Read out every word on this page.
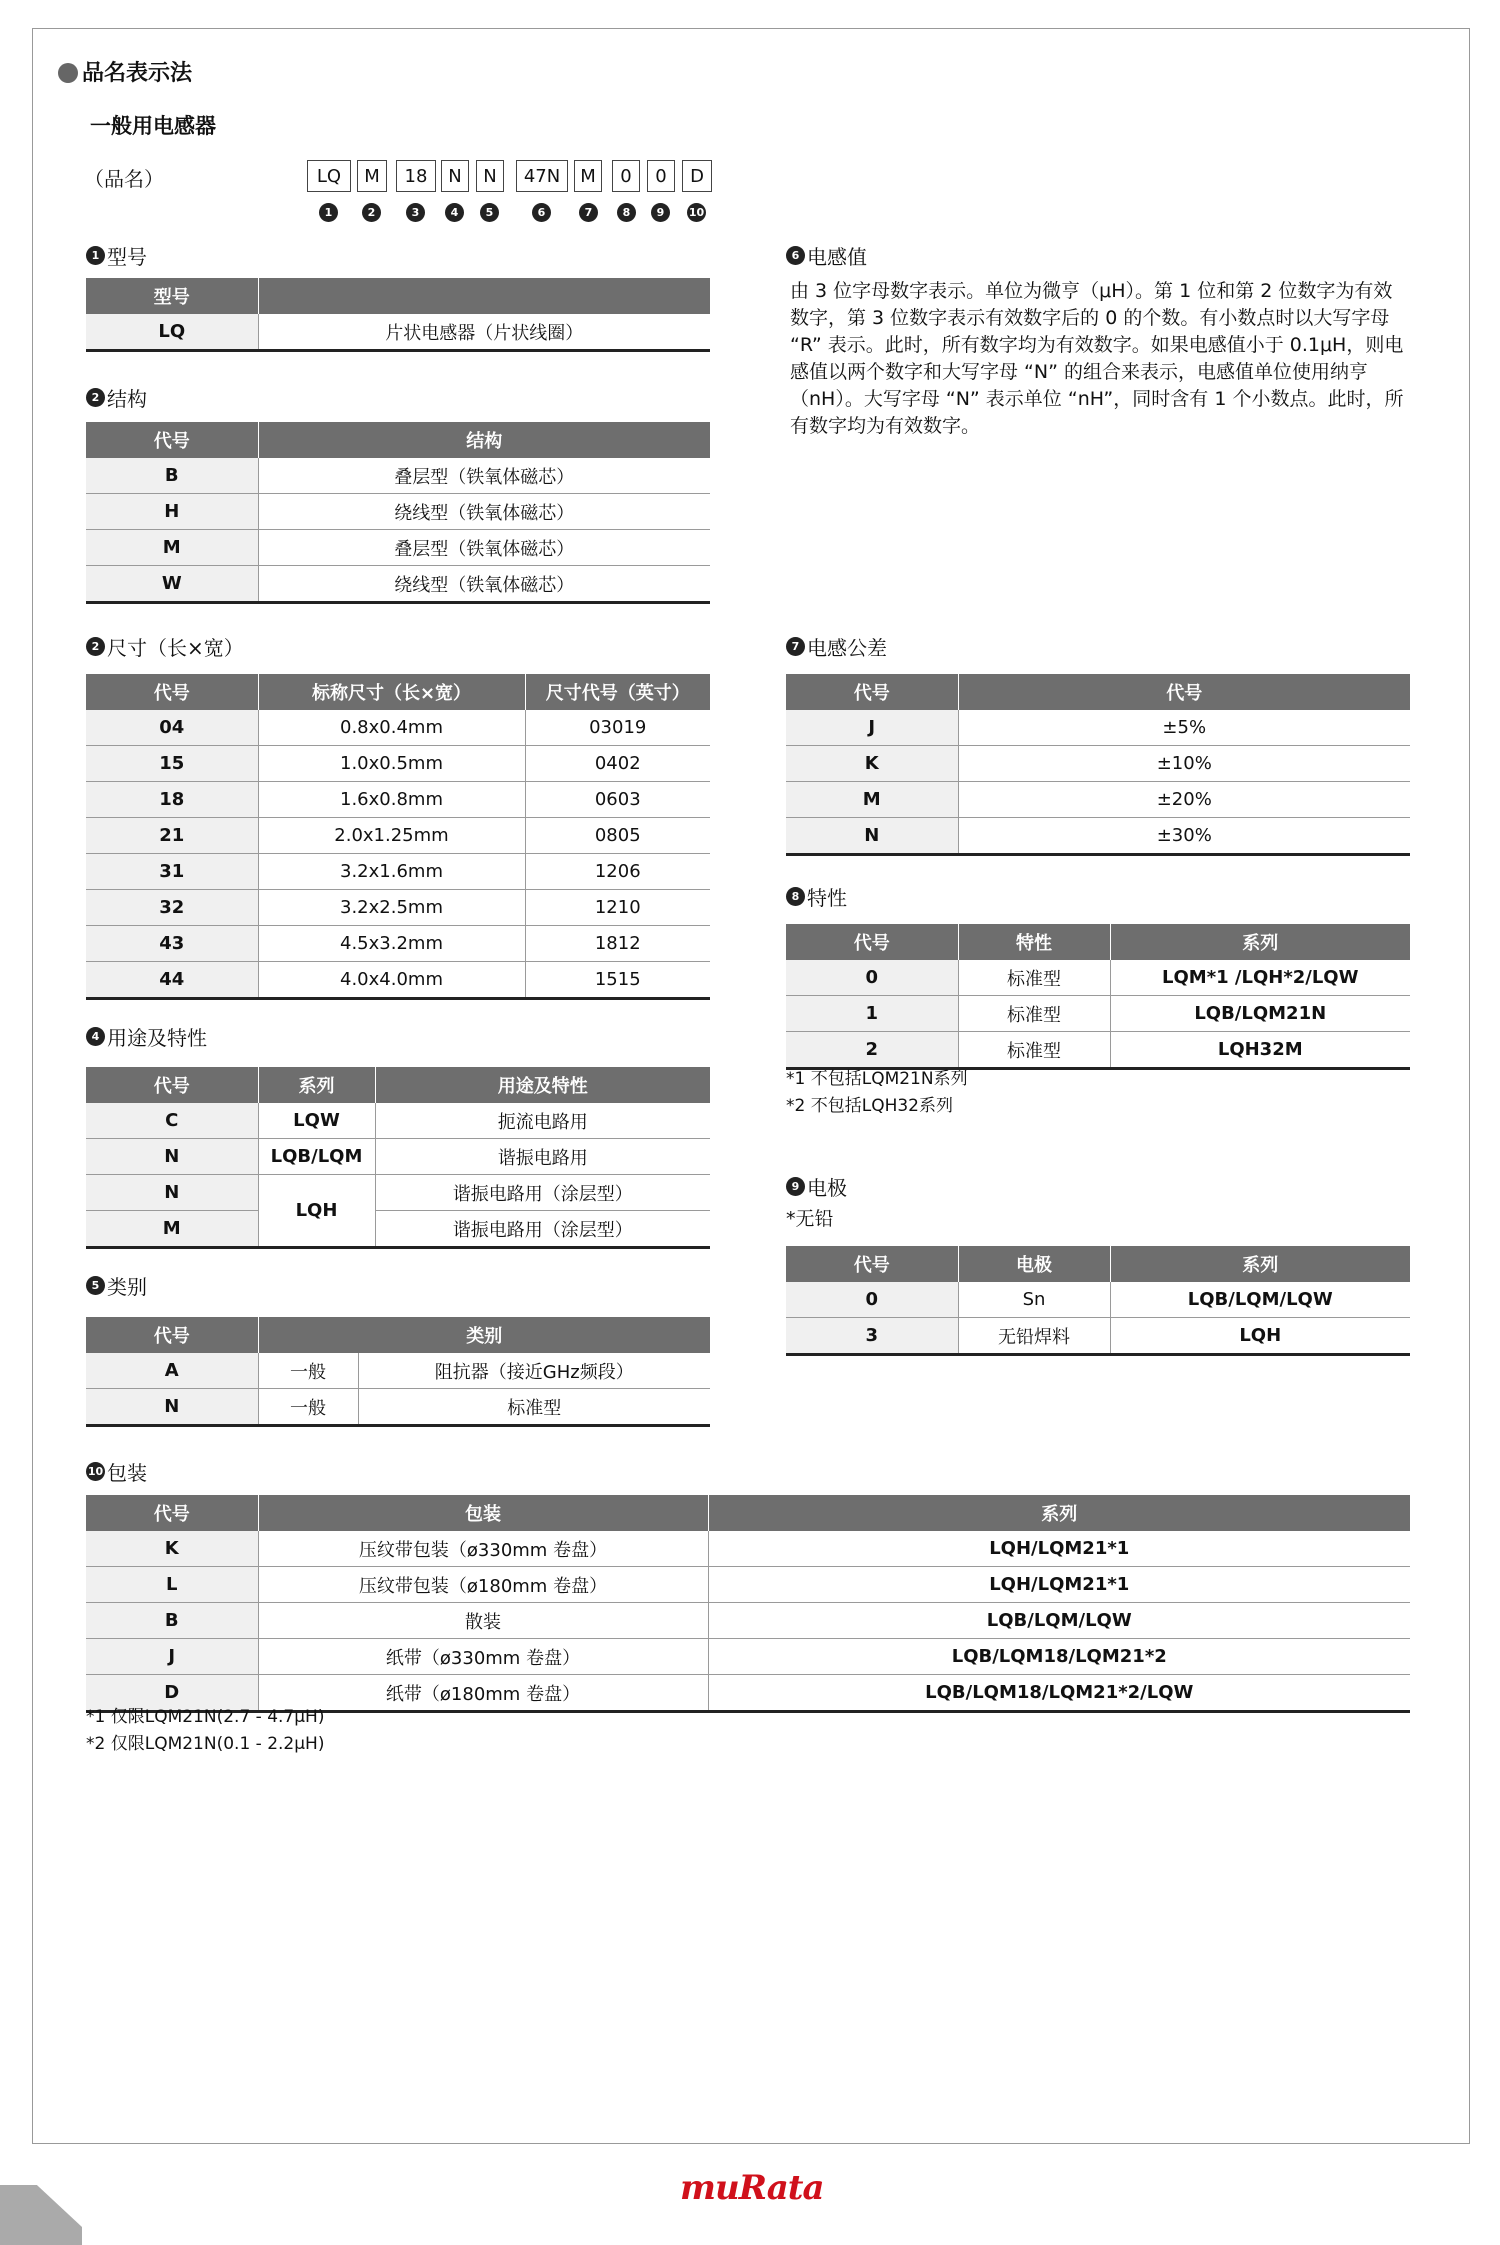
品名表示法
一般用电感器
（品名）	LQ	M	18	N	N	47N	M	0	0	D
1	2	3	4	5	6	7	8	9	10
1 型号
2 结构
2 尺寸（长×宽）
4 用途及特性
5 类别
6 电感值
7 电感公差
8 特性
9 电极
10 包装
型号	
LQ	片状电感器（片状线圈）
代号	结构
B	叠层型（铁氧体磁芯）
H	绕线型（铁氧体磁芯）
M	叠层型（铁氧体磁芯）
W	绕线型（铁氧体磁芯）
代号	标称尺寸（长×宽）	尺寸代号（英寸）
04	0.8x0.4mm	03019
15	1.0x0.5mm	0402
18	1.6x0.8mm	0603
21	2.0x1.25mm	0805
31	3.2x1.6mm	1206
32	3.2x2.5mm	1210
43	4.5x3.2mm	1812
44	4.0x4.0mm	1515
代号	系列	用途及特性
C	LQW	扼流电路用
N	LQB/LQM	谐振电路用
N	LQH	谐振电路用（涂层型）
M		谐振电路用（涂层型）
代号	类别	
A	一般	阻抗器（接近GHz频段）
N	一般	标准型
由 3 位字母数字表示。单位为微亨（μH）。第 1 位和第 2 位数字为有效数字，第 3 位数字表示有效数字后的 0 的个数。有小数点时以大写字母 “R” 表示。此时，所有数字均为有效数字。如果电感值小于 0.1μH，则电感值以两个数字和大写字母 “N” 的组合来表示，电感值单位使用纳亨（nH）。大写字母 “N” 表示单位 “nH”，同时含有 1 个小数点。此时，所有数字均为有效数字。
代号	代号
J	±5%
K	±10%
M	±20%
N	±30%
代号	特性	系列
0	标准型	LQM*1 /LQH*2/LQW
1	标准型	LQB/LQM21N
2	标准型	LQH32M
*1 不包括LQM21N系列
*2 不包括LQH32系列
*无铅
代号	电极	系列
0	Sn	LQB/LQM/LQW
3	无铅焊料	LQH
代号	包装	系列
K	压纹带包装（ø330mm 卷盘）	LQH/LQM21*1
L	压纹带包装（ø180mm 卷盘）	LQH/LQM21*1
B	散装	LQB/LQM/LQW
J	纸带（ø330mm 卷盘）	LQB/LQM18/LQM21*2
D	纸带（ø180mm 卷盘）	LQB/LQM18/LQM21*2/LQW
*1 仅限LQM21N(2.7 - 4.7μH)
*2 仅限LQM21N(0.1 - 2.2μH)
muRata
